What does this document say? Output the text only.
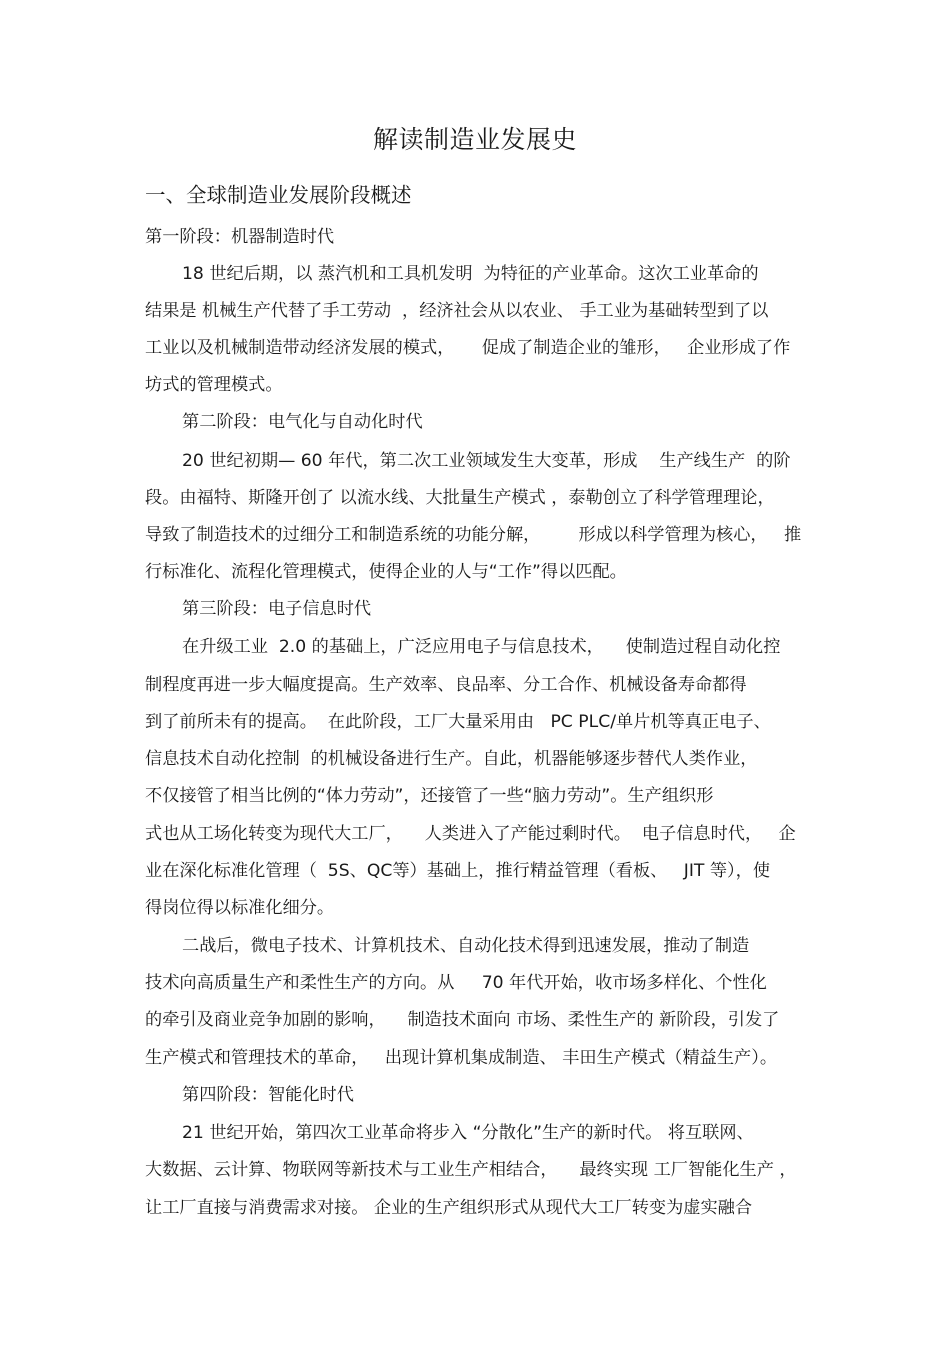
解读制造业发展史
一、全球制造业发展阶段概述
第一阶段：机器制造时代
18 世纪后期，以 蒸汽机和工具机发明  为特征的产业革命。这次工业革命的
结果是 机械生产代替了手工劳动  ，经济社会从以农业、 手工业为基础转型到了以
工业以及机械制造带动经济发展的模式，     促成了制造企业的雏形，   企业形成了作
坊式的管理模式。
第二阶段：电气化与自动化时代
20 世纪初期— 60 年代，第二次工业领域发生大变革，形成    生产线生产  的阶
段。由福特、斯隆开创了 以流水线、大批量生产模式 ，泰勒创立了科学管理理论，
导致了制造技术的过细分工和制造系统的功能分解，       形成以科学管理为核心，   推
行标准化、流程化管理模式，使得企业的人与“工作”得以匹配。
第三阶段：电子信息时代
在升级工业  2.0 的基础上，广泛应用电子与信息技术，    使制造过程自动化控
制程度再进一步大幅度提高。生产效率、良品率、分工合作、机械设备寿命都得
到了前所未有的提高。  在此阶段，工厂大量采用由   PC PLC/单片机等真正电子、
信息技术自动化控制  的机械设备进行生产。自此，机器能够逐步替代人类作业，
不仅接管了相当比例的“体力劳动”，还接管了一些“脑力劳动”。生产组织形
式也从工场化转变为现代大工厂，    人类进入了产能过剩时代。  电子信息时代，   企
业在深化标准化管理（  5S、QC等）基础上，推行精益管理（看板、   JIT 等），使
得岗位得以标准化细分。
二战后，微电子技术、计算机技术、自动化技术得到迅速发展，推动了制造
技术向高质量生产和柔性生产的方向。从     70 年代开始，收市场多样化、个性化
的牵引及商业竞争加剧的影响，    制造技术面向 市场、柔性生产的 新阶段，引发了
生产模式和管理技术的革命，   出现计算机集成制造、 丰田生产模式（精益生产）。
第四阶段：智能化时代
21 世纪开始，第四次工业革命将步入 “分散化”生产的新时代。 将互联网、
大数据、云计算、物联网等新技术与工业生产相结合，    最终实现 工厂智能化生产 ，
让工厂直接与消费需求对接。 企业的生产组织形式从现代大工厂转变为虚实融合
